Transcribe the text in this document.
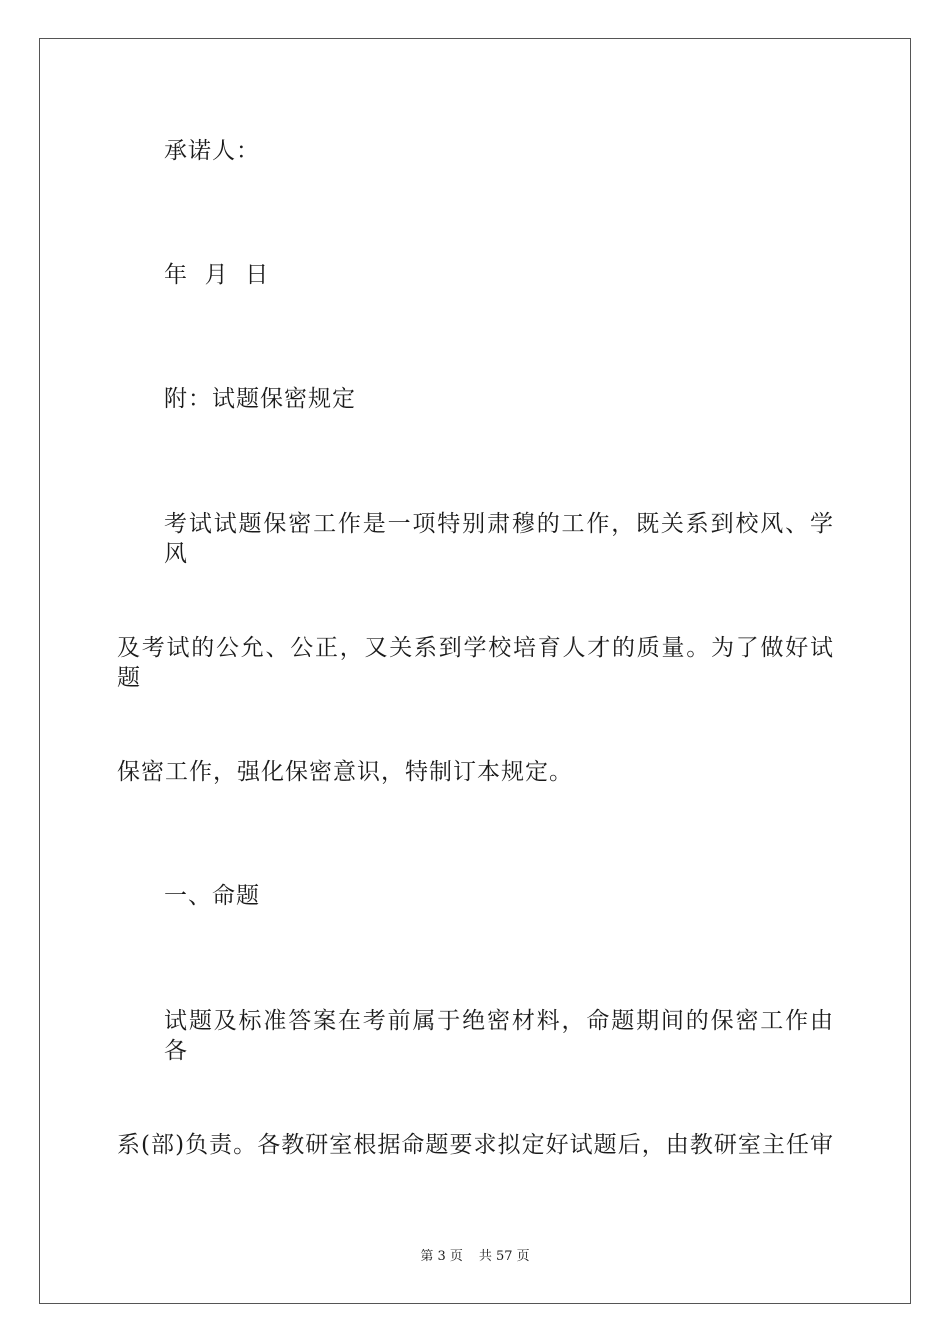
承诺人：
年  月  日
附：试题保密规定
考试试题保密工作是一项特别肃穆的工作，既关系到校风、学风
及考试的公允、公正，又关系到学校培育人才的质量。为了做好试题
保密工作，强化保密意识，特制订本规定。
一、命题
试题及标准答案在考前属于绝密材料，命题期间的保密工作由各
系(部)负责。各教研室根据命题要求拟定好试题后，由教研室主任审
第 3 页 共 57 页
